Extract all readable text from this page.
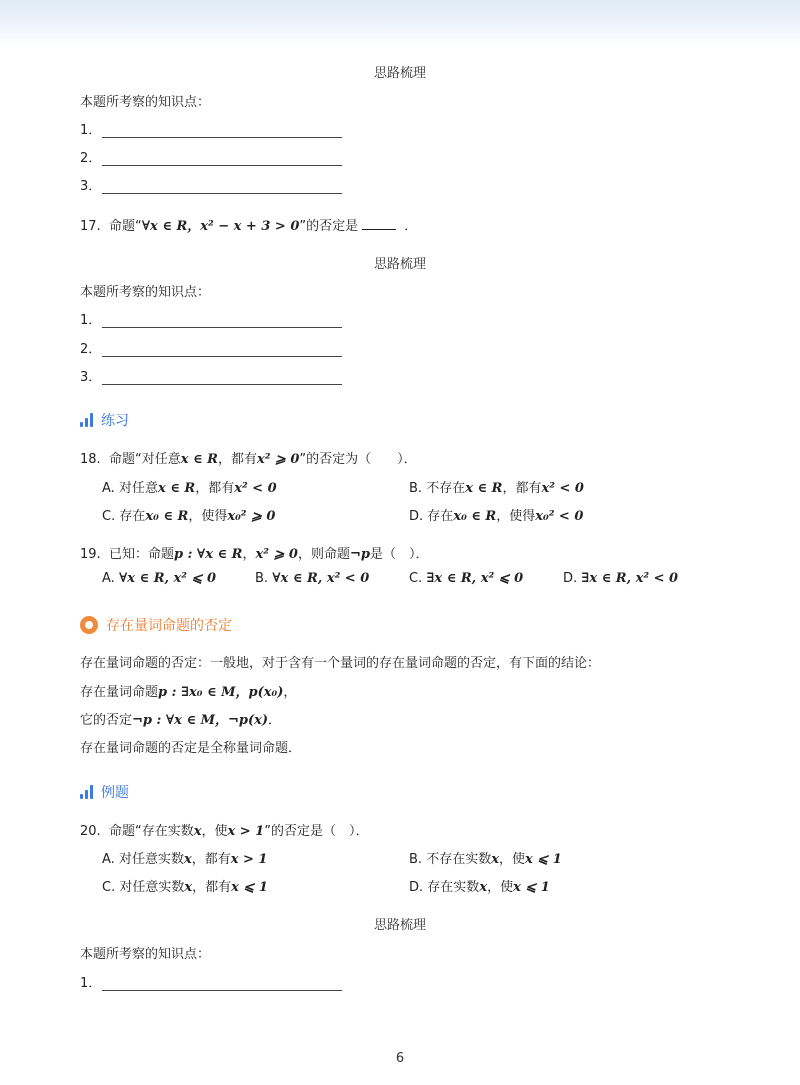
思路梳理
本题所考察的知识点：
1．
2．
3．
17. 命题“∀x ∈ R，x² − x + 3 > 0”的否定是	．
思路梳理
本题所考察的知识点：
1．
2．
3．
练习
18. 命题“对任意x ∈ R，都有x² ⩾ 0”的否定为（　　）．
A. 对任意x ∈ R，都有x² < 0	B. 不存在x ∈ R，都有x² < 0
C. 存在x₀ ∈ R，使得x₀² ⩾ 0	D. 存在x₀ ∈ R，使得x₀² < 0
19. 已知：命题p : ∀x ∈ R，x² ⩾ 0，则命题¬p是（　）．
A. ∀x ∈ R, x² ⩽ 0	B. ∀x ∈ R, x² < 0	C. ∃x ∈ R, x² ⩽ 0	D. ∃x ∈ R, x² < 0
存在量词命题的否定
存在量词命题的否定：一般地，对于含有一个量词的存在量词命题的否定，有下面的结论：
存在量词命题p : ∃x₀ ∈ M，p(x₀)，
它的否定¬p : ∀x ∈ M，¬p(x)．
存在量词命题的否定是全称量词命题．
例题
20. 命题“存在实数x，使x > 1”的否定是（　）．
A. 对任意实数x，都有x > 1	B. 不存在实数x，使x ⩽ 1
C. 对任意实数x，都有x ⩽ 1	D. 存在实数x，使x ⩽ 1
思路梳理
本题所考察的知识点：
1．
6
